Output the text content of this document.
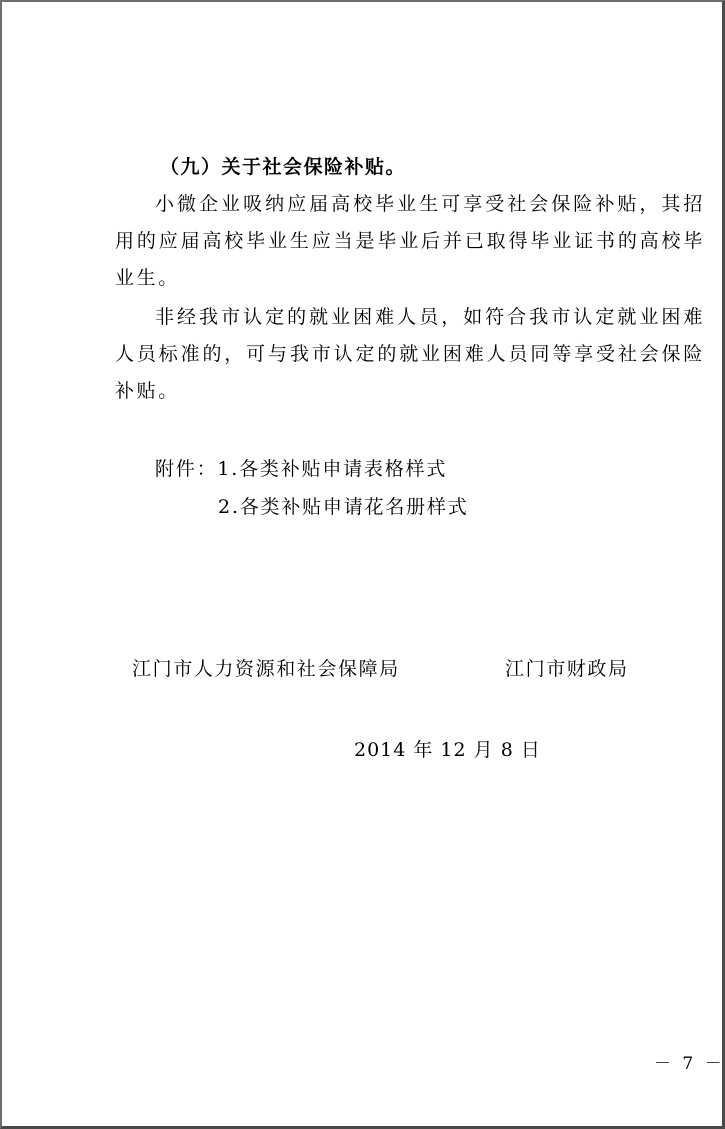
（九）关于社会保险补贴。

小微企业吸纳应届高校毕业生可享受社会保险补贴，其招用的应届高校毕业生应当是毕业后并已取得毕业证书的高校毕业生。

非经我市认定的就业困难人员，如符合我市认定就业困难人员标准的，可与我市认定的就业困难人员同等享受社会保险补贴。

附件：1.各类补贴申请表格样式
2.各类补贴申请花名册样式
江门市人力资源和社会保障局	江门市财政局
2014 年 12 月 8 日
－ 7 －
